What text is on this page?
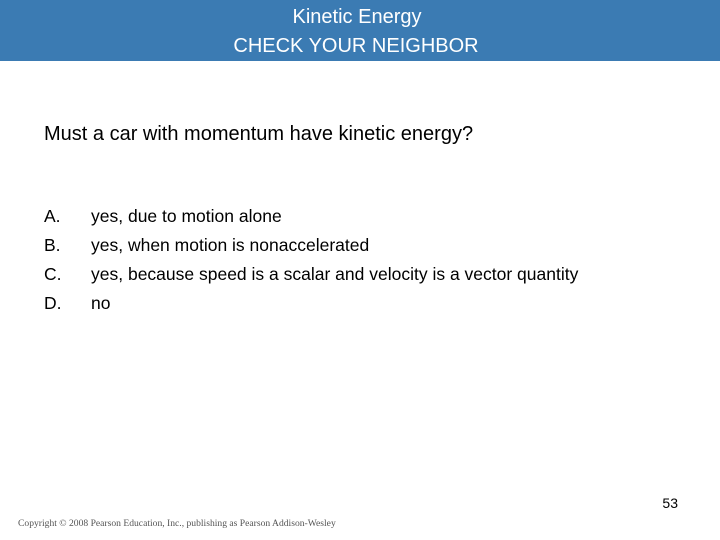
Kinetic Energy
CHECK YOUR NEIGHBOR
Must a car with momentum have kinetic energy?
A. yes, due to motion alone
B. yes, when motion is nonaccelerated
C. yes, because speed is a scalar and velocity is a vector quantity
D. no
53
Copyright © 2008 Pearson Education, Inc., publishing as Pearson Addison-Wesley
